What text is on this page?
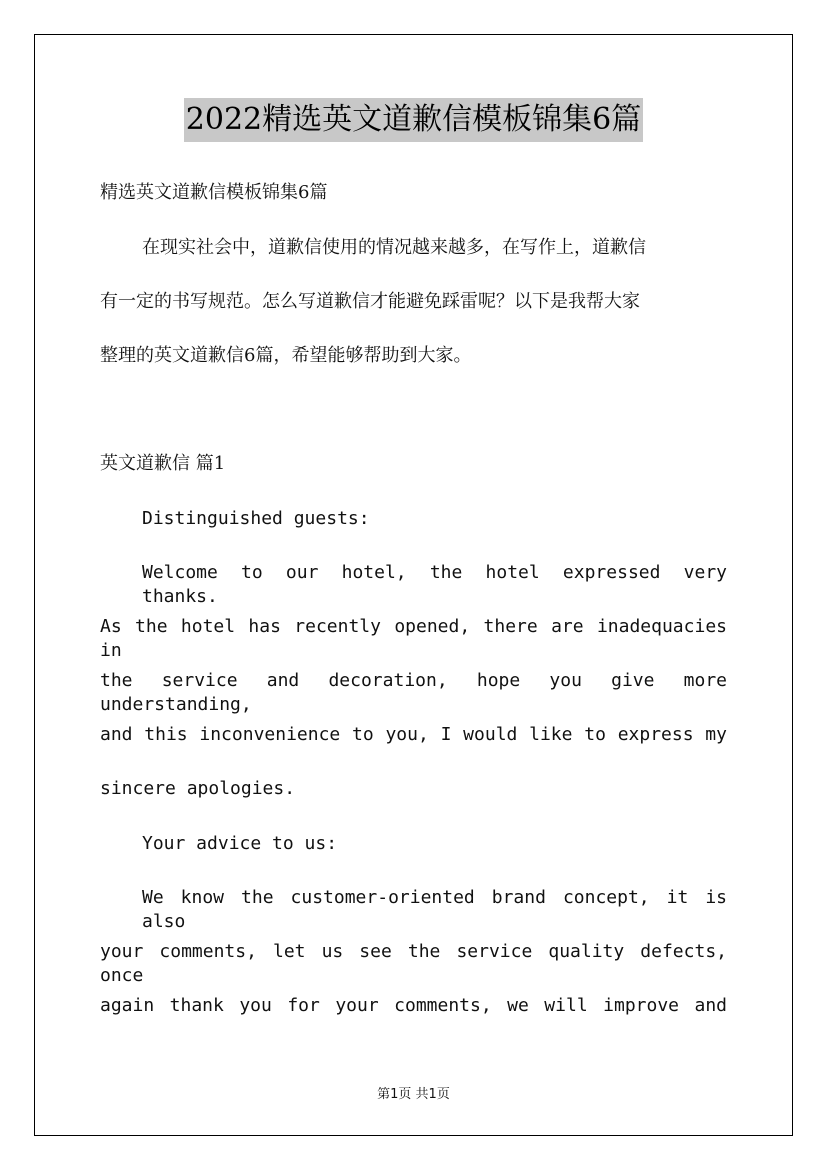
2022精选英文道歉信模板锦集6篇
精选英文道歉信模板锦集6篇
在现实社会中，道歉信使用的情况越来越多，在写作上，道歉信
有一定的书写规范。怎么写道歉信才能避免踩雷呢？以下是我帮大家
整理的英文道歉信6篇，希望能够帮助到大家。
英文道歉信 篇1
Distinguished guests:
Welcome to our hotel, the hotel expressed very thanks.
As the hotel has recently opened, there are inadequacies in
the service and decoration, hope you give more understanding,
and this inconvenience to you, I would like to express my
sincere apologies.
Your advice to us:
We know the customer-oriented brand concept, it is also
your comments, let us see the service quality defects, once
again thank you for your comments, we will improve and
第1页 共1页
